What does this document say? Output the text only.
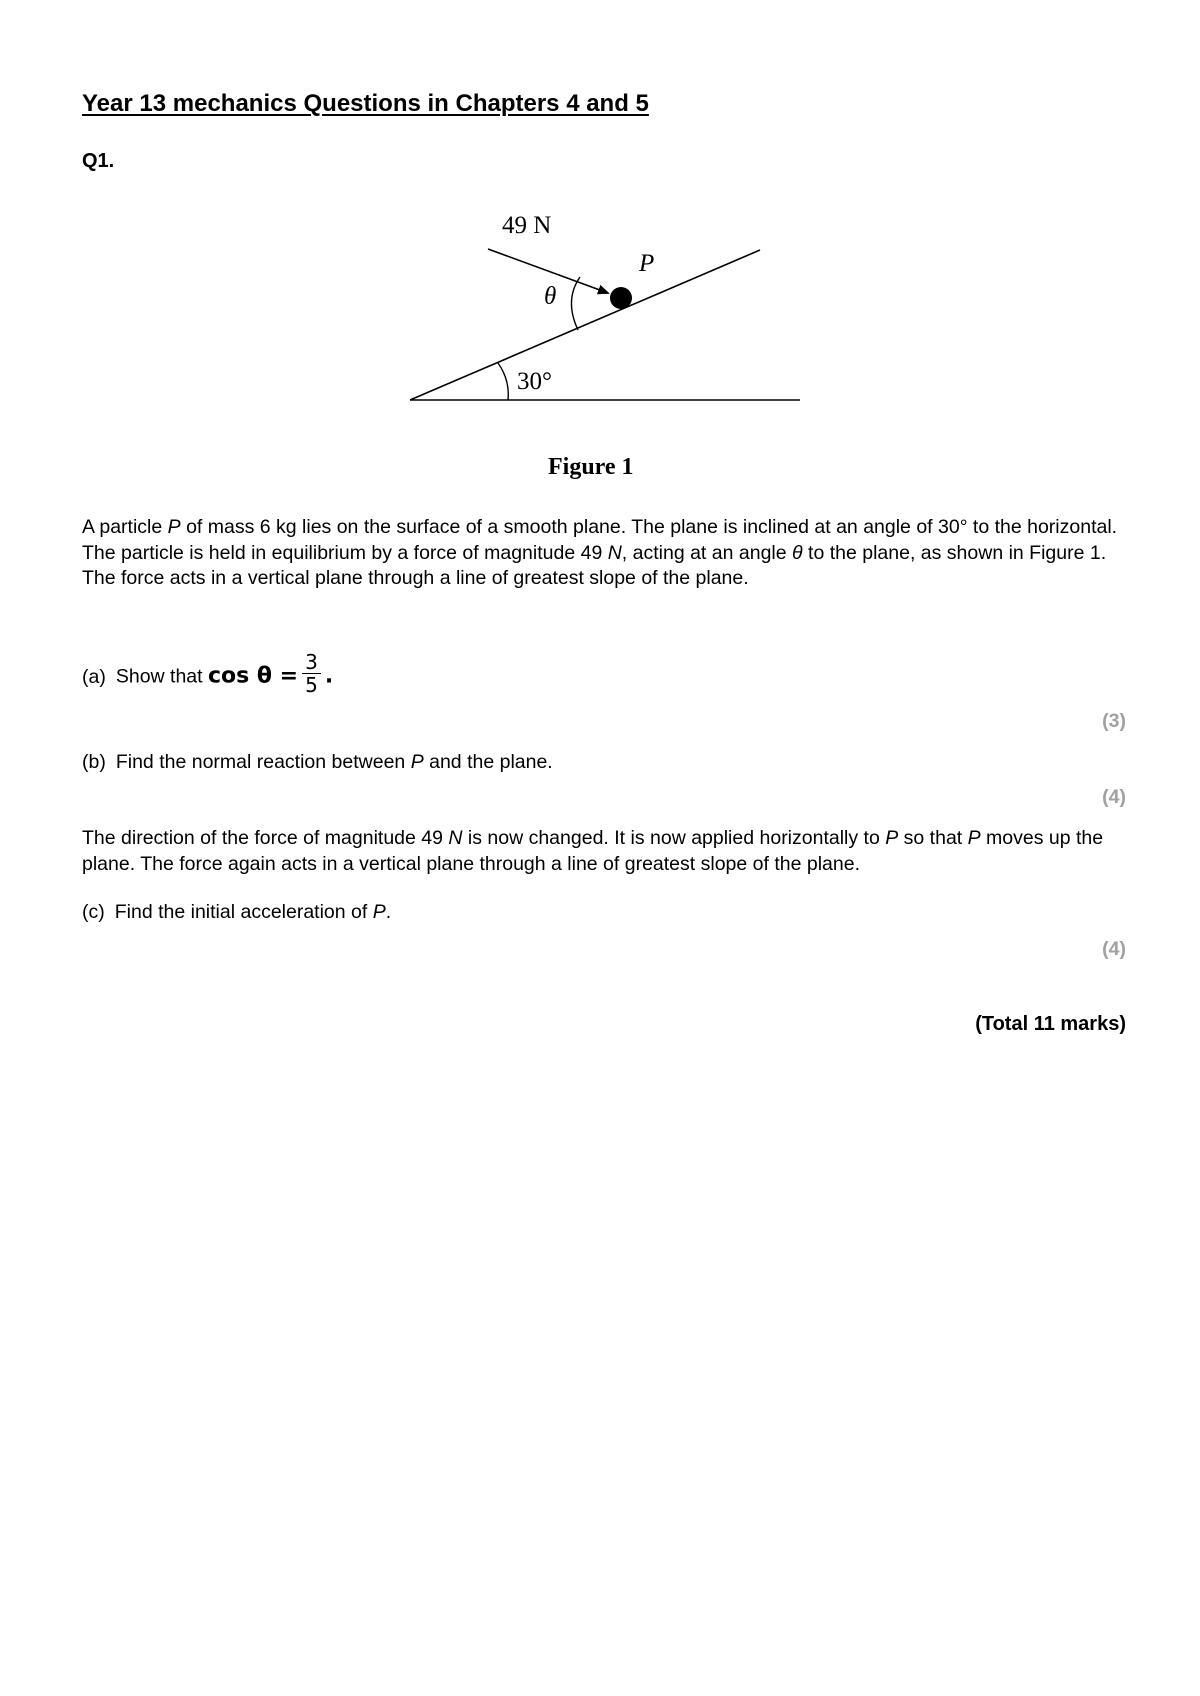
Year 13 mechanics Questions in Chapters 4 and 5
Q1.
49 N
P
θ
30°
Figure 1
A particle P of mass 6 kg lies on the surface of a smooth plane. The plane is inclined at an angle of 30° to the horizontal. The particle is held in equilibrium by a force of magnitude 49 N, acting at an angle θ to the plane, as shown in Figure 1. The force acts in a vertical plane through a line of greatest slope of the plane.
(a) Show that $\cos \theta = \frac{3}{5}$ .
(3)
(b) Find the normal reaction between P and the plane.
(4)
The direction of the force of magnitude 49 N is now changed. It is now applied horizontally to P so that P moves up the plane. The force again acts in a vertical plane through a line of greatest slope of the plane.
(c) Find the initial acceleration of P.
(4)
(Total 11 marks)
